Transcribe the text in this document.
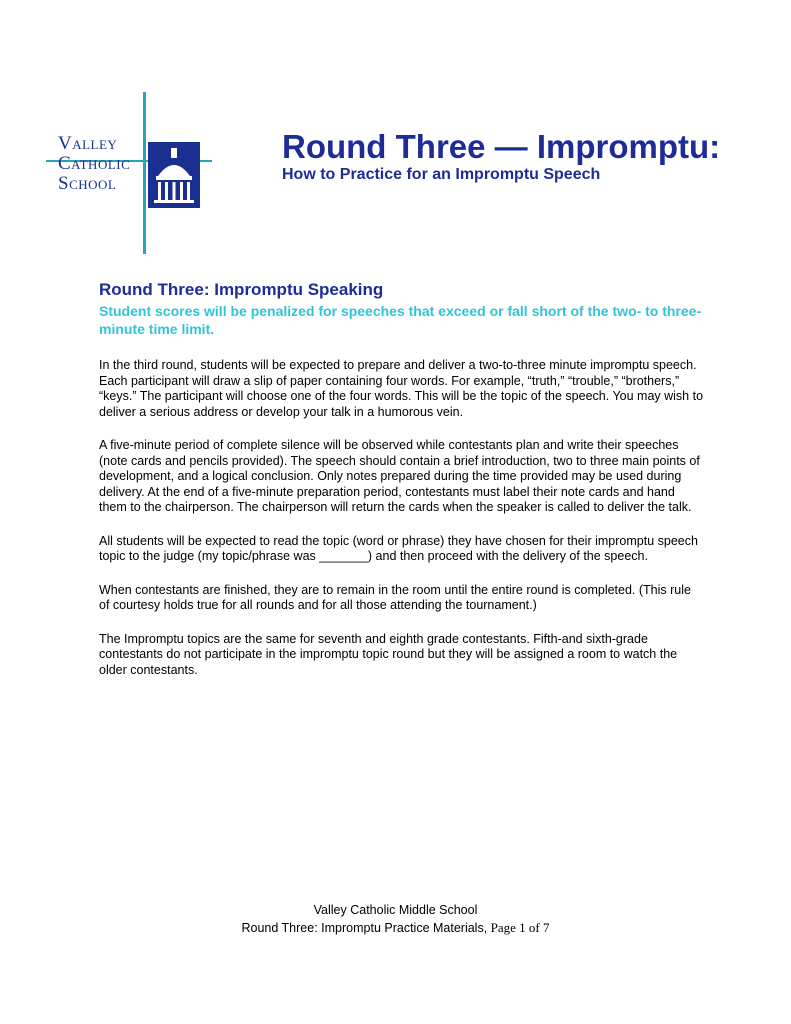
Valley
Catholic
School
Round Three — Impromptu:
How to Practice for an Impromptu Speech
Round Three: Impromptu Speaking

Student scores will be penalized for speeches that exceed or fall short of the two- to three-minute time limit.

In the third round, students will be expected to prepare and deliver a two-to-three minute impromptu speech. Each participant will draw a slip of paper containing four words. For example, “truth,” “trouble,” “brothers,” “keys.” The participant will choose one of the four words. This will be the topic of the speech. You may wish to deliver a serious address or develop your talk in a humorous vein.

A five-minute period of complete silence will be observed while contestants plan and write their speeches (note cards and pencils provided). The speech should contain a brief introduction, two to three main points of development, and a logical conclusion. Only notes prepared during the time provided may be used during delivery. At the end of a five-minute preparation period, contestants must label their note cards and hand them to the chairperson. The chairperson will return the cards when the speaker is called to deliver the talk.

All students will be expected to read the topic (word or phrase) they have chosen for their impromptu speech topic to the judge (my topic/phrase was _______) and then proceed with the delivery of the speech.

When contestants are finished, they are to remain in the room until the entire round is completed. (This rule of courtesy holds true for all rounds and for all those attending the tournament.)

The Impromptu topics are the same for seventh and eighth grade contestants. Fifth-and sixth-grade contestants do not participate in the impromptu topic round but they will be assigned a room to watch the older contestants.

Valley Catholic Middle School
Round Three: Impromptu Practice Materials, Page 1 of 7
